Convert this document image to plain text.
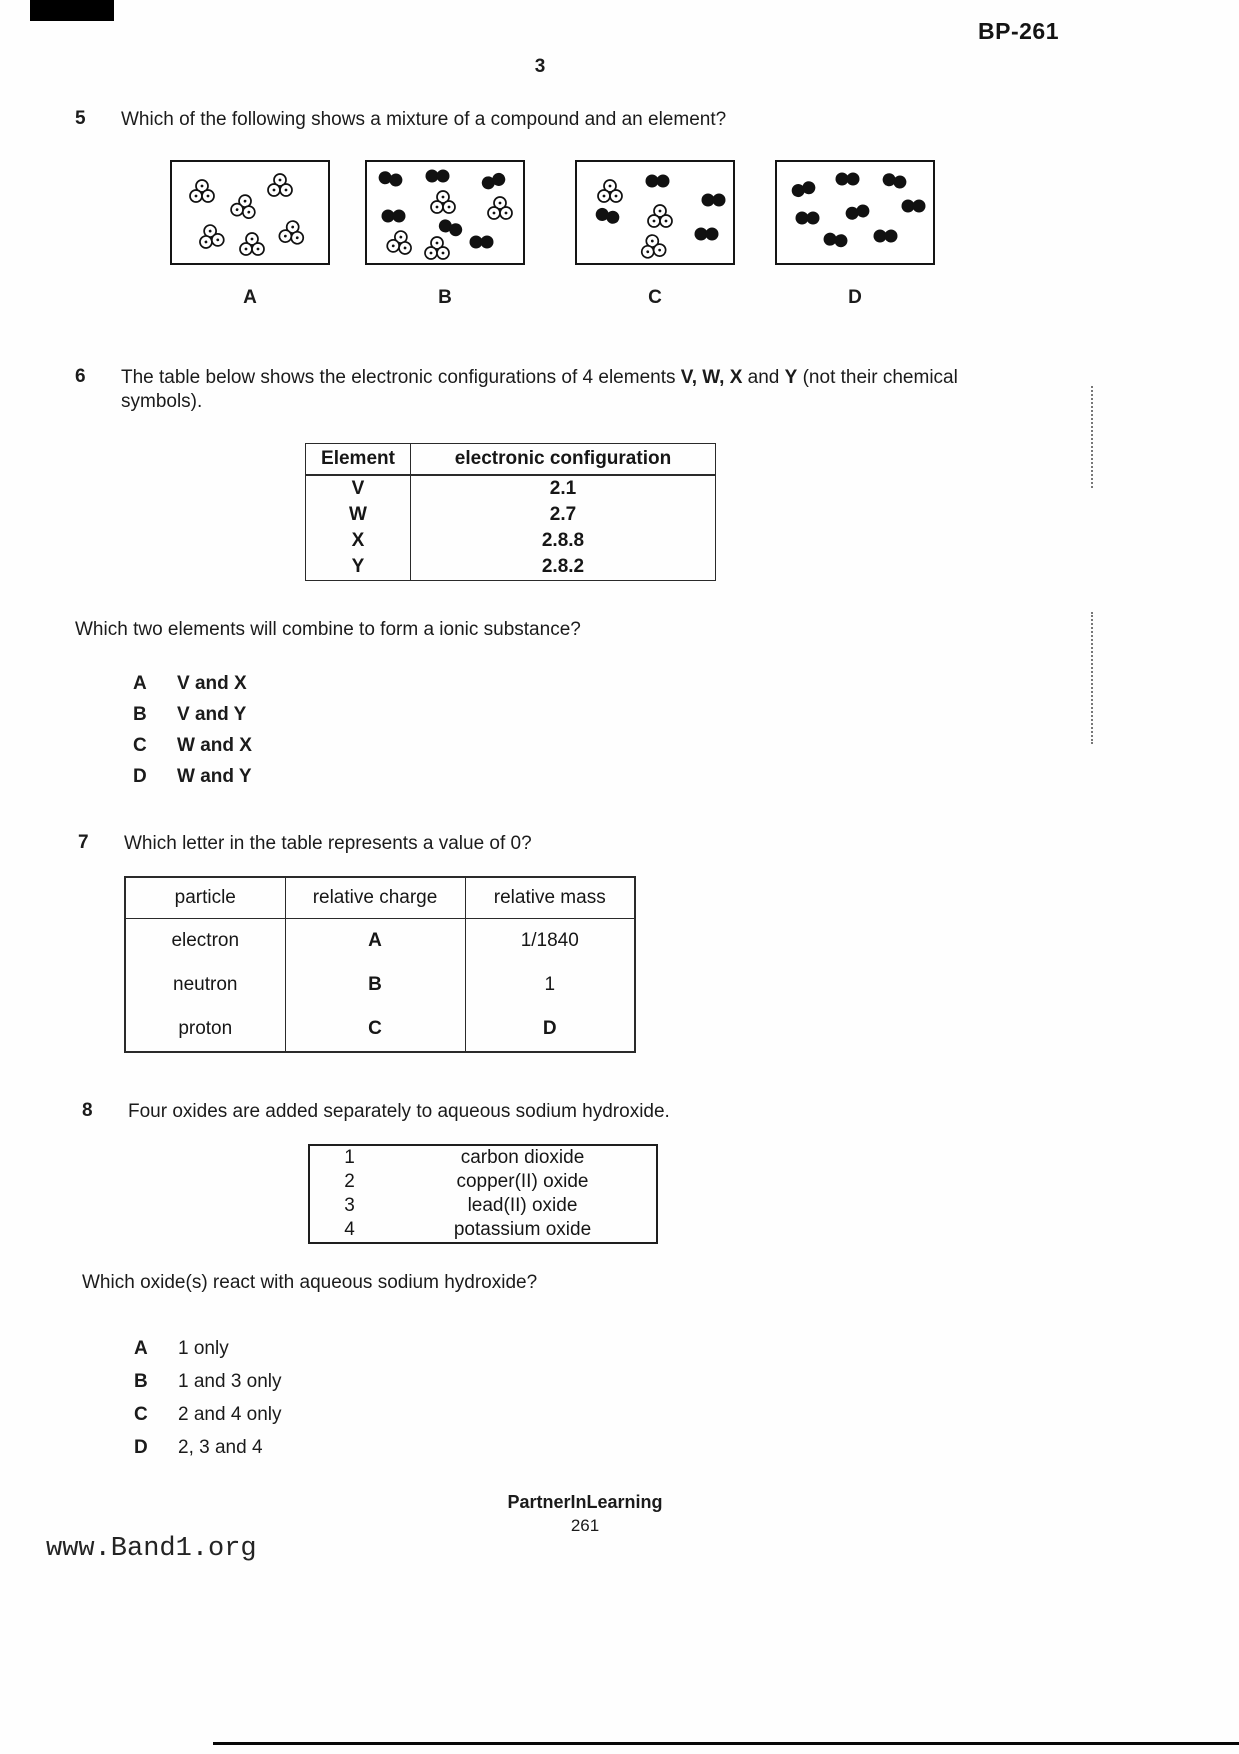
BP-261
3
5	Which of the following shows a mixture of a compound and an element?
A	B	C	D
6	The table below shows the electronic configurations of 4 elements V, W, X and Y (not their chemical symbols).

Element	electronic configuration
V	2.1
W	2.7
X	2.8.8
Y	2.8.2

Which two elements will combine to form a ionic substance?

A	V and X
B	V and Y
C	W and X
D	W and Y
7	Which letter in the table represents a value of 0?
particle	relative charge	relative mass
electron	A	1/1840
neutron	B	1
proton	C	D
8	Four oxides are added separately to aqueous sodium hydroxide.
1	carbon dioxide
2	copper(II) oxide
3	lead(II) oxide
4	potassium oxide

Which oxide(s) react with aqueous sodium hydroxide?

A	1 only
B	1 and 3 only
C	2 and 4 only
D	2, 3 and 4
PartnerInLearning
261
www.Band1.org
